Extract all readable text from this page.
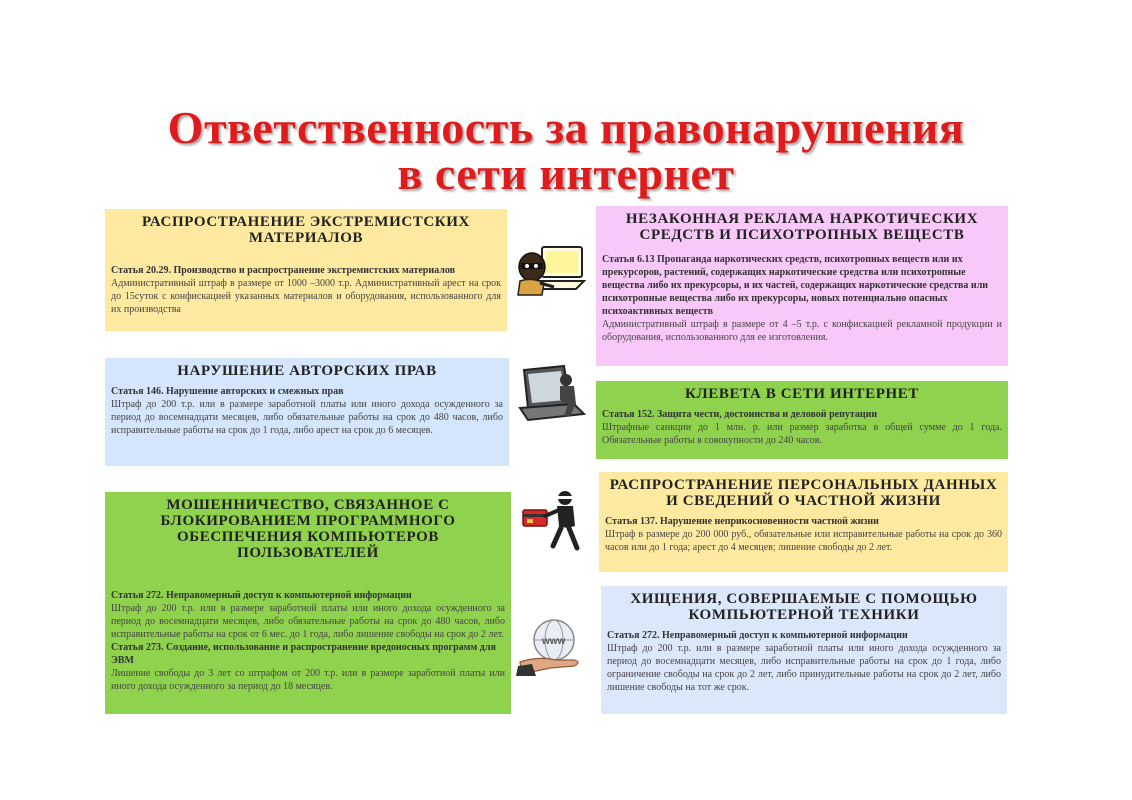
Ответственность за правонарушения
в сети интернет
РАСПРОСТРАНЕНИЕ ЭКСТРЕМИСТСКИХ МАТЕРИАЛОВ
Статья 20.29. Производство и распространение экстремистских материалов
Административный штраф в размере от 1000 –3000 т.р. Административный арест на срок до 15суток с конфискацией указанных материалов и оборудования, использованного для их производства
НАРУШЕНИЕ АВТОРСКИХ ПРАВ
Статья 146. Нарушение авторских и смежных прав
Штраф до 200 т.р. или в размере заработной платы или иного дохода осужденного за период до восемнадцати месяцев, либо обязательные работы на срок до 480 часов, либо исправительные работы на срок до 1 года, либо арест на срок до 6 месяцев.
МОШЕННИЧЕСТВО, СВЯЗАННОЕ С БЛОКИРОВАНИЕМ ПРОГРАММНОГО ОБЕСПЕЧЕНИЯ КОМПЬЮТЕРОВ ПОЛЬЗОВАТЕЛЕЙ
Статья 272. Неправомерный доступ к компьютерной информации
Штраф до 200 т.р. или в размере заработной платы или иного дохода осужденного за период до восемнадцати месяцев, либо обязательные работы на срок до 480 часов, либо исправительные работы на срок от 6 мес. до 1 года, либо лишение свободы на срок до 2 лет.
Статья 273. Создание, использование и распространение вредоносных программ для ЭВМ
Лишение свободы до 3 лет со штрафом от 200 т.р. или в размере заработной платы или иного дохода осужденного за период до 18 месяцев.
НЕЗАКОННАЯ РЕКЛАМА НАРКОТИЧЕСКИХ СРЕДСТВ И ПСИХОТРОПНЫХ ВЕЩЕСТВ
Статья 6.13 Пропаганда наркотических средств, психотропных веществ или их прекурсоров, растений, содержащих наркотические средства или психотропные вещества либо их прекурсоры, и их частей, содержащих наркотические средства или психотропные вещества либо их прекурсоры, новых потенциально опасных психоактивных веществ
Административный штраф в размере от 4 –5 т.р. с конфискацией рекламной продукции и оборудования, использованного для ее изготовления.
КЛЕВЕТА В СЕТИ ИНТЕРНЕТ
Статья 152. Защита чести, достоинства и деловой репутации
Штрафные санкции до 1 млн. р. или размер заработка в общей сумме до 1 года. Обязательные работы в совокупности до 240 часов.
РАСПРОСТРАНЕНИЕ ПЕРСОНАЛЬНЫХ ДАННЫХ И СВЕДЕНИЙ О ЧАСТНОЙ ЖИЗНИ
Статья 137. Нарушение неприкосновенности частной жизни
Штраф в размере до 200 000 руб., обязательные или исправительные работы на срок до 360 часов или до 1 года; арест до 4 месяцев; лишение свободы до 2 лет.
ХИЩЕНИЯ, СОВЕРШАЕМЫЕ С ПОМОЩЬЮ КОМПЬЮТЕРНОЙ ТЕХНИКИ
Статья 272. Неправомерный доступ к компьютерной информации
Штраф до 200 т.р. или в размере заработной платы или иного дохода осужденного за период до восемнадцати месяцев, либо исправительные работы на срок до 1 года, либо ограничение свободы на срок до 2 лет, либо принудительные работы на срок до 2 лет, либо лишение свободы на тот же срок.
www
